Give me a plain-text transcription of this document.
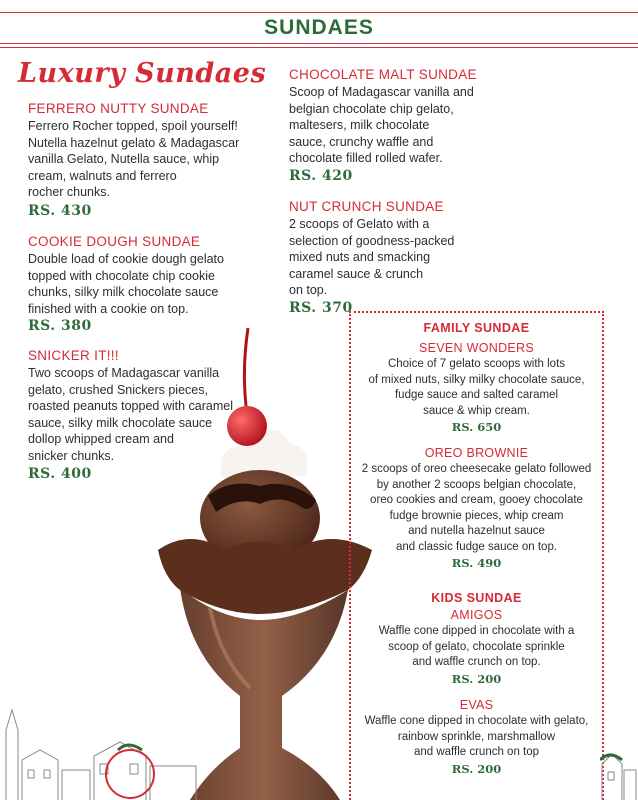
SUNDAES
Luxury Sundaes
FERRERO NUTTY SUNDAE
Ferrero Rocher topped, spoil yourself!
Nutella hazelnut gelato & Madagascar
vanilla Gelato, Nutella sauce, whip
cream, walnuts and ferrero
rocher chunks.
RS. 430
COOKIE DOUGH SUNDAE
Double load of cookie dough gelato
topped with chocolate chip cookie
chunks, silky milk chocolate sauce
finished with a cookie on top.
RS. 380
SNICKER IT!!!
Two scoops of Madagascar vanilla
gelato, crushed Snickers pieces,
roasted peanuts topped with caramel
sauce, silky milk chocolate sauce
dollop whipped cream and
snicker chunks.
RS. 400
CHOCOLATE MALT SUNDAE
Scoop of Madagascar vanilla and
belgian chocolate chip gelato,
maltesers, milk chocolate
sauce, crunchy waffle and
chocolate filled rolled wafer.
RS. 420
NUT CRUNCH SUNDAE
2 scoops of Gelato with a
selection of goodness-packed
mixed nuts and smacking
caramel sauce & crunch
on top.
RS. 370
FAMILY SUNDAE
KIDS SUNDAE
SEVEN WONDERS
Choice of 7 gelato scoops with lots
of mixed nuts, silky milky chocolate sauce,
fudge sauce and salted caramel
sauce & whip cream.
RS. 650
OREO BROWNIE
2 scoops of oreo cheesecake gelato followed
by another 2 scoops belgian chocolate,
oreo cookies and cream, gooey chocolate
fudge brownie pieces, whip cream
and nutella hazelnut sauce
and classic fudge sauce on top.
RS. 490
AMIGOS
Waffle cone dipped in chocolate with a
scoop of gelato, chocolate sprinkle
and waffle crunch on top.
RS. 200
EVAS
Waffle cone dipped in chocolate with gelato,
rainbow sprinkle, marshmallow
and waffle crunch on top
RS. 200
